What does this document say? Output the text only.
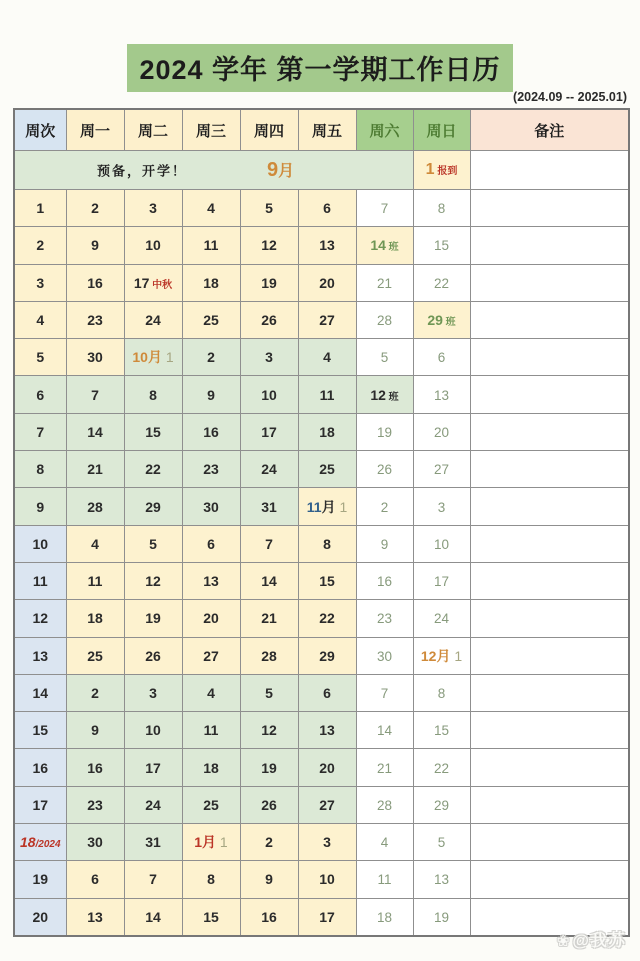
2024 学年 第一学期工作日历
(2024.09 -- 2025.01)
周次	周一	周二	周三	周四	周五	周六	周日	备注

预备，开学！ 9月							1 报到	
1	2	3	4	5	6	7	8	
2	9	10	11	12	13	14 班	15	
3	16	17 中秋	18	19	20	21	22	
4	23	24	25	26	27	28	29 班	
5	30	10月 1	2	3	4	5	6	
6	7	8	9	10	11	12 班	13	
7	14	15	16	17	18	19	20	
8	21	22	23	24	25	26	27	
9	28	29	30	31	11月 1	2	3	
10	4	5	6	7	8	9	10	
11	11	12	13	14	15	16	17	
12	18	19	20	21	22	23	24	
13	25	26	27	28	29	30	12月 1	
14	2	3	4	5	6	7	8	
15	9	10	11	12	13	14	15	
16	16	17	18	19	20	21	22	
17	23	24	25	26	27	28	29	
18/2024	30	31	1月 1	2	3	4	5	
19	6	7	8	9	10	11	13	
20	13	14	15	16	17	18	19	
❀ @我苏
